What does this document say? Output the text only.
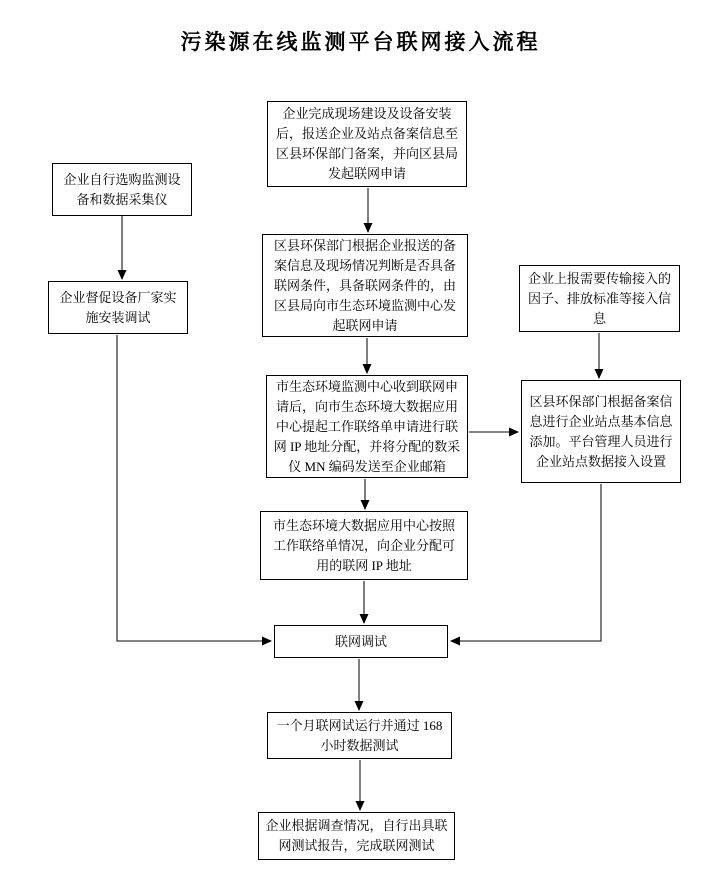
污染源在线监测平台联网接入流程
企业完成现场建设及设备安装后，报送企业及站点备案信息至区县环保部门备案，并向区县局发起联网申请
企业自行选购监测设备和数据采集仪
区县环保部门根据企业报送的备案信息及现场情况判断是否具备联网条件，具备联网条件的，由区县局向市生态环境监测中心发起联网申请
企业上报需要传输接入的因子、排放标准等接入信息
企业督促设备厂家实施安装调试
市生态环境监测中心收到联网申请后，向市生态环境大数据应用中心提起工作联络单申请进行联网 IP 地址分配，并将分配的数采仪 MN 编码发送至企业邮箱
区县环保部门根据备案信息进行企业站点基本信息添加。平台管理人员进行企业站点数据接入设置
市生态环境大数据应用中心按照工作联络单情况，向企业分配可用的联网 IP 地址
联网调试
一个月联网试运行并通过 168 小时数据测试
企业根据调查情况，自行出具联网测试报告，完成联网测试
